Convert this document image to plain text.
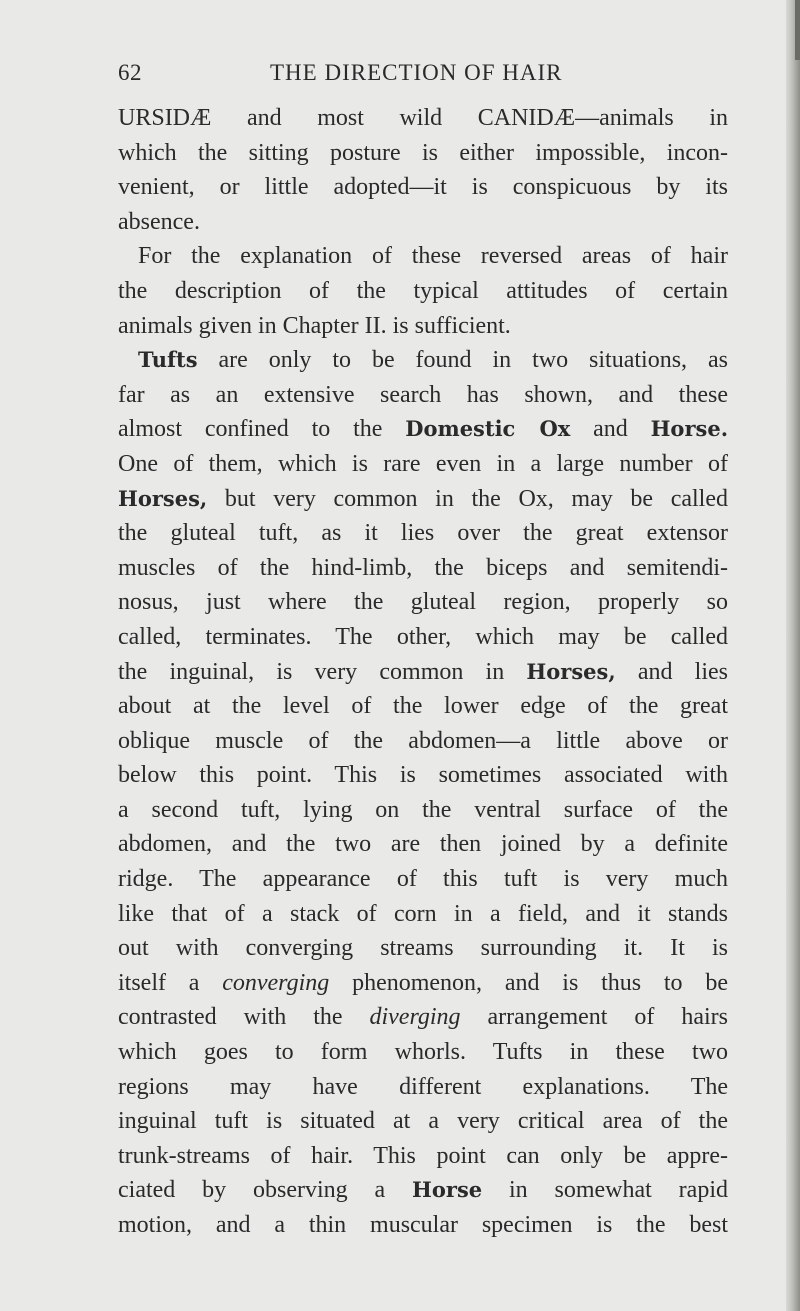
62	THE DIRECTION OF HAIR
URSIDÆ and most wild CANIDÆ—animals in
which the sitting posture is either impossible, incon-
venient, or little adopted—it is conspicuous by its
absence.
For the explanation of these reversed areas of hair
the description of the typical attitudes of certain
animals given in Chapter II. is sufficient.
Tufts are only to be found in two situations, as
far as an extensive search has shown, and these
almost confined to the Domestic Ox and Horse.
One of them, which is rare even in a large number of
Horses, but very common in the Ox, may be called
the gluteal tuft, as it lies over the great extensor
muscles of the hind-limb, the biceps and semitendi-
nosus, just where the gluteal region, properly so
called, terminates. The other, which may be called
the inguinal, is very common in Horses, and lies
about at the level of the lower edge of the great
oblique muscle of the abdomen—a little above or
below this point. This is sometimes associated with
a second tuft, lying on the ventral surface of the
abdomen, and the two are then joined by a definite
ridge. The appearance of this tuft is very much
like that of a stack of corn in a field, and it stands
out with converging streams surrounding it. It is
itself a converging phenomenon, and is thus to be
contrasted with the diverging arrangement of hairs
which goes to form whorls. Tufts in these two
regions may have different explanations. The
inguinal tuft is situated at a very critical area of the
trunk-streams of hair. This point can only be appre-
ciated by observing a Horse in somewhat rapid
motion, and a thin muscular specimen is the best
